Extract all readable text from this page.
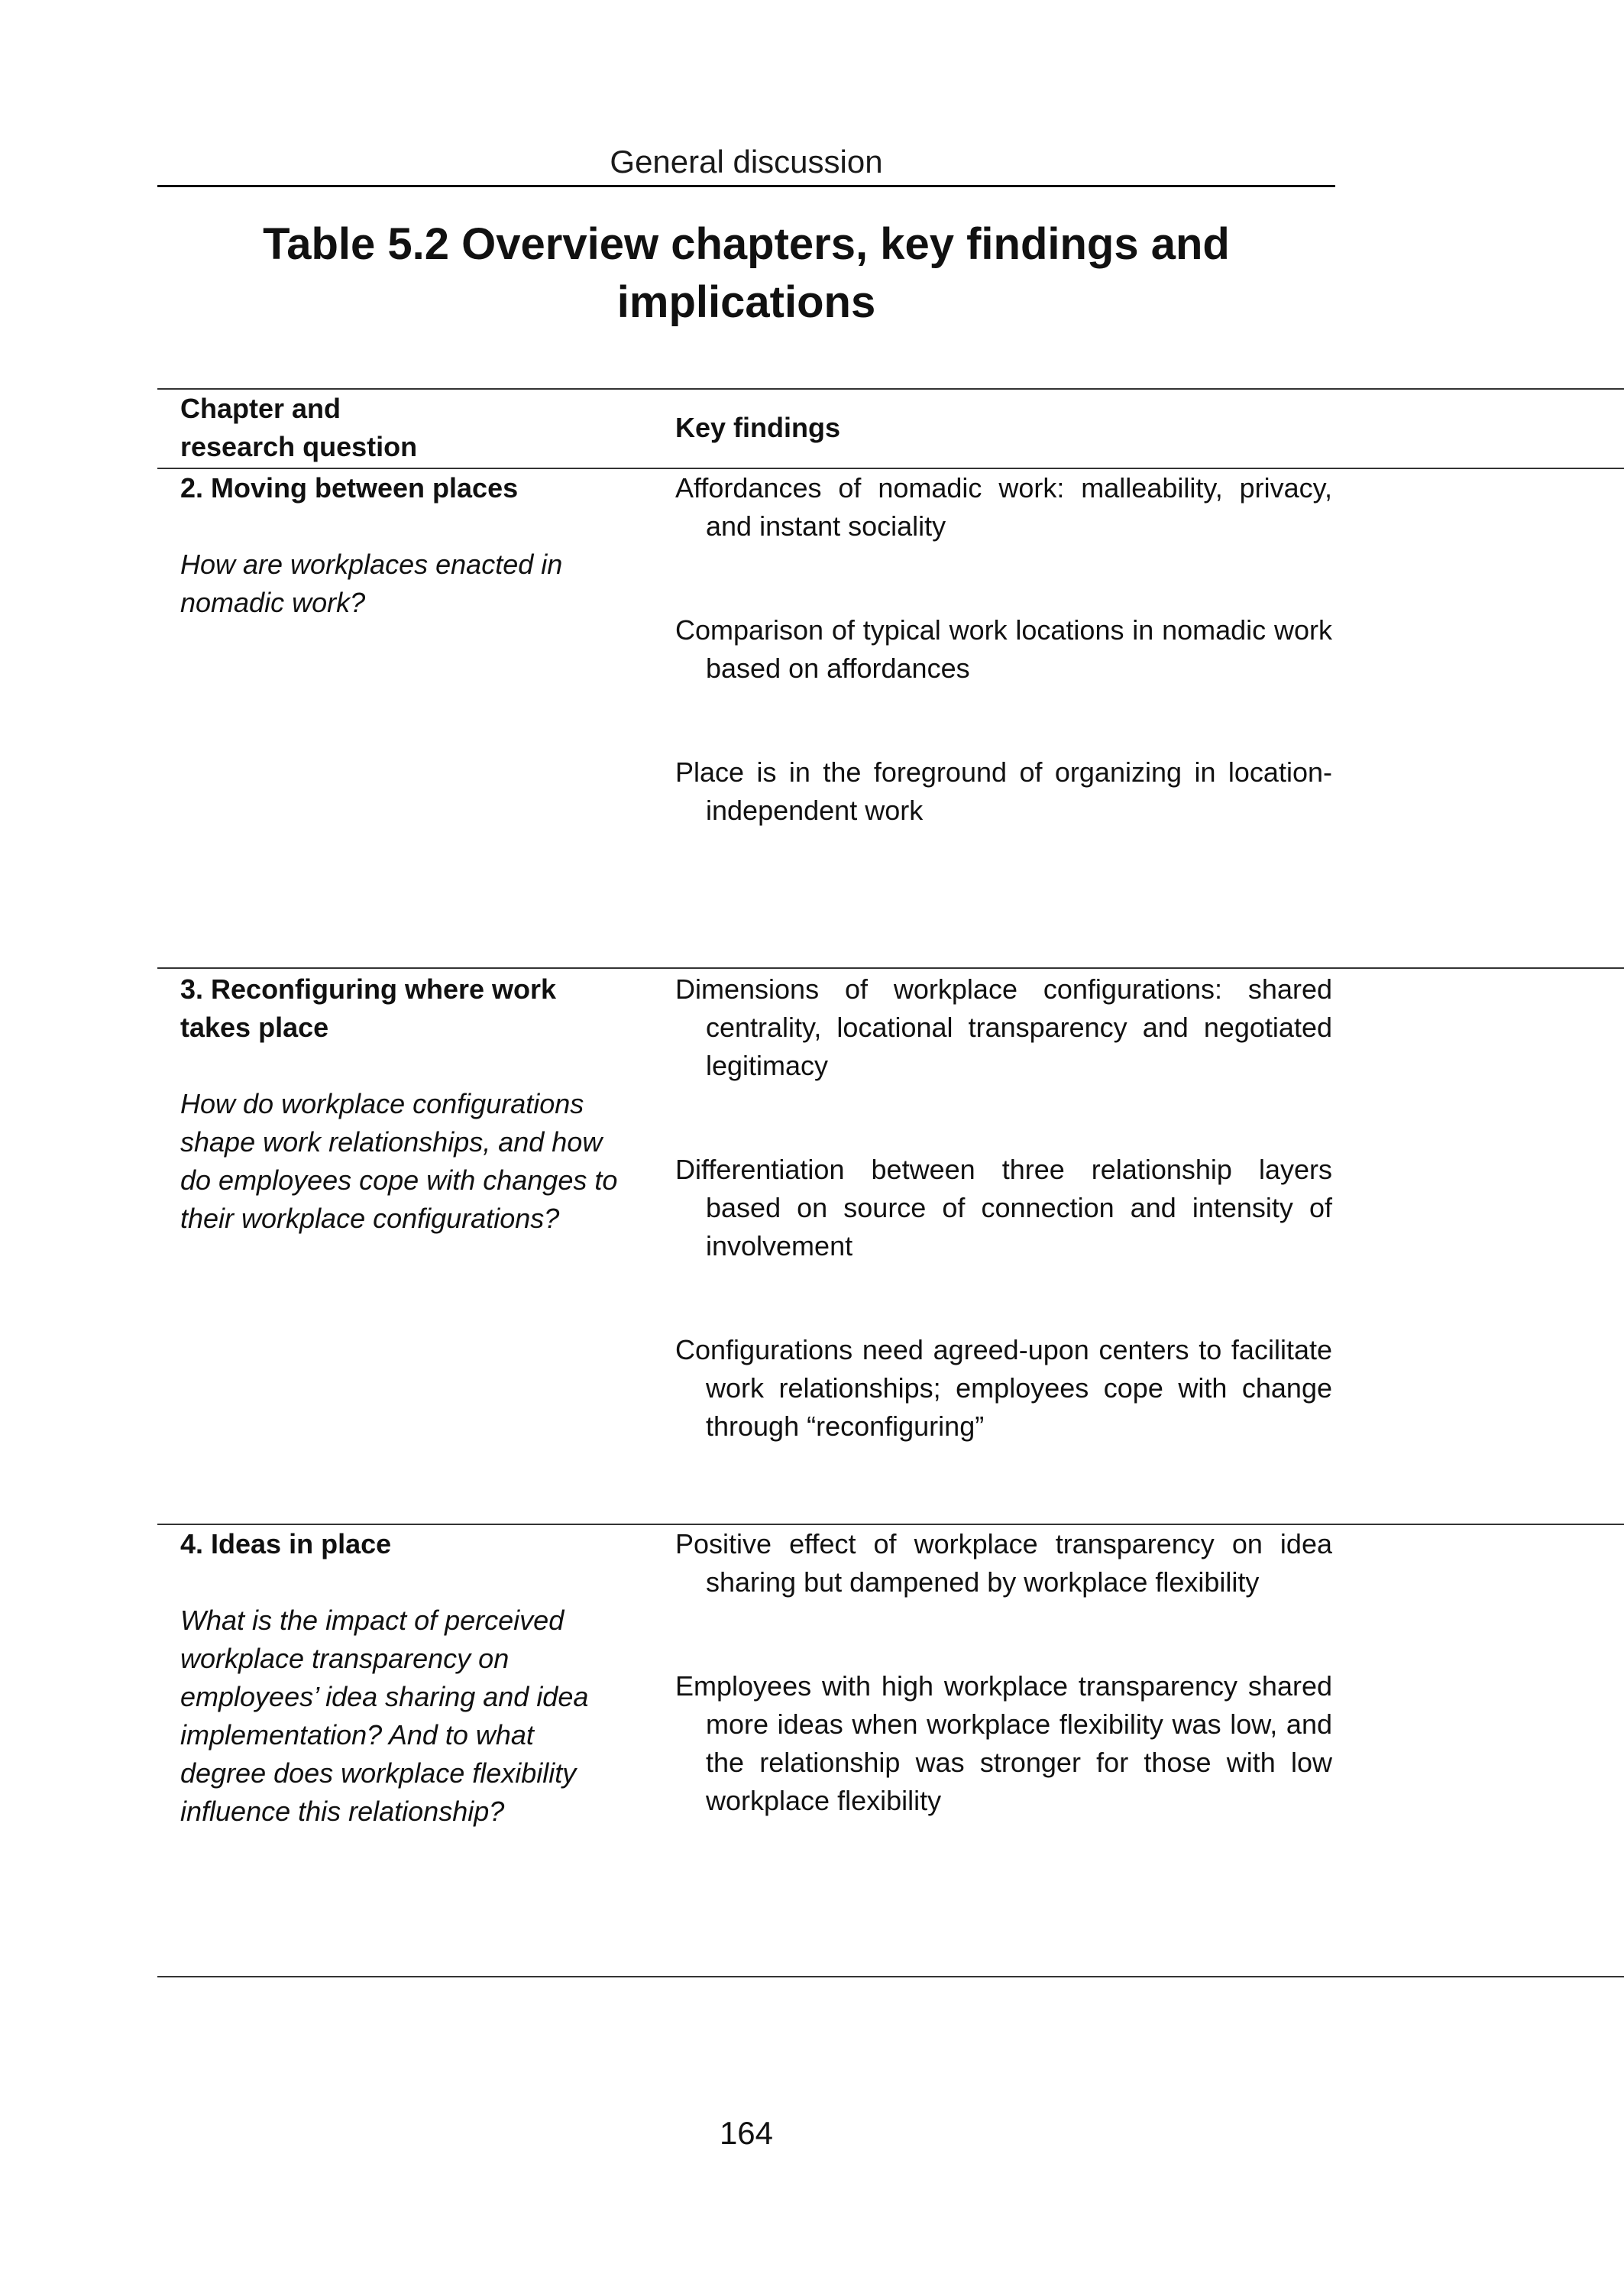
General discussion
Table 5.2 Overview chapters, key findings and implications
Chapter and
research question
Key findings
2. Moving between places
How are workplaces enacted in nomadic work?
Affordances of nomadic work: malleability, privacy, and instant sociality
Comparison of typical work locations in nomadic work based on affordances
Place is in the foreground of organizing in location-independent work
3. Reconfiguring where work takes place
How do workplace configurations shape work relationships, and how do employees cope with changes to their workplace configurations?
Dimensions of workplace configurations: shared centrality, locational transparency and negotiated legitimacy
Differentiation between three relationship layers based on source of connection and intensity of involvement
Configurations need agreed-upon centers to facilitate work relationships; employees cope with change through “reconfiguring”
4. Ideas in place
What is the impact of perceived workplace transparency on employees’ idea sharing and idea implementation? And to what degree does workplace flexibility influence this relationship?
Positive effect of workplace transparency on idea sharing but dampened by workplace flexibility
Employees with high workplace transparency shared more ideas when workplace flexibility was low, and the relationship was stronger for those with low workplace flexibility
164
